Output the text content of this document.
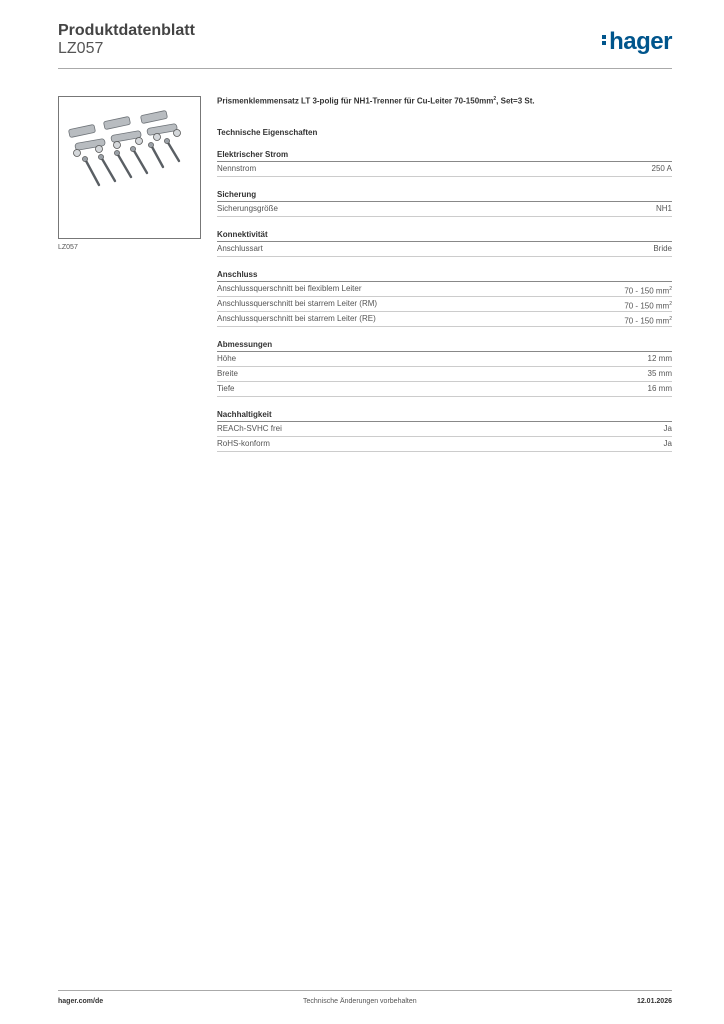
Produktdatenblatt
LZ057	hager
LZ057
Prismenklemmensatz LT 3-polig für NH1-Trenner für Cu-Leiter $70-150mm^2$, Set=3 St.
Technische Eigenschaften
Elektrischer Strom
Nennstrom	250 A
Sicherung
Sicherungsgröße	NH1
Konnektivität
Anschlussart	Bride
Anschluss
Anschlussquerschnitt bei flexiblem Leiter	70 - 150 $mm^2$
Anschlussquerschnitt bei starrem Leiter (RM)	70 - 150 $mm^2$
Anschlussquerschnitt bei starrem Leiter (RE)	70 - 150 $mm^2$
Abmessungen
Höhe	12 mm
Breite	35 mm
Tiefe	16 mm
Nachhaltigkeit
REACh-SVHC frei	Ja
RoHS-konform	Ja
hager.com/de	Technische Änderungen vorbehalten	12.01.2026
